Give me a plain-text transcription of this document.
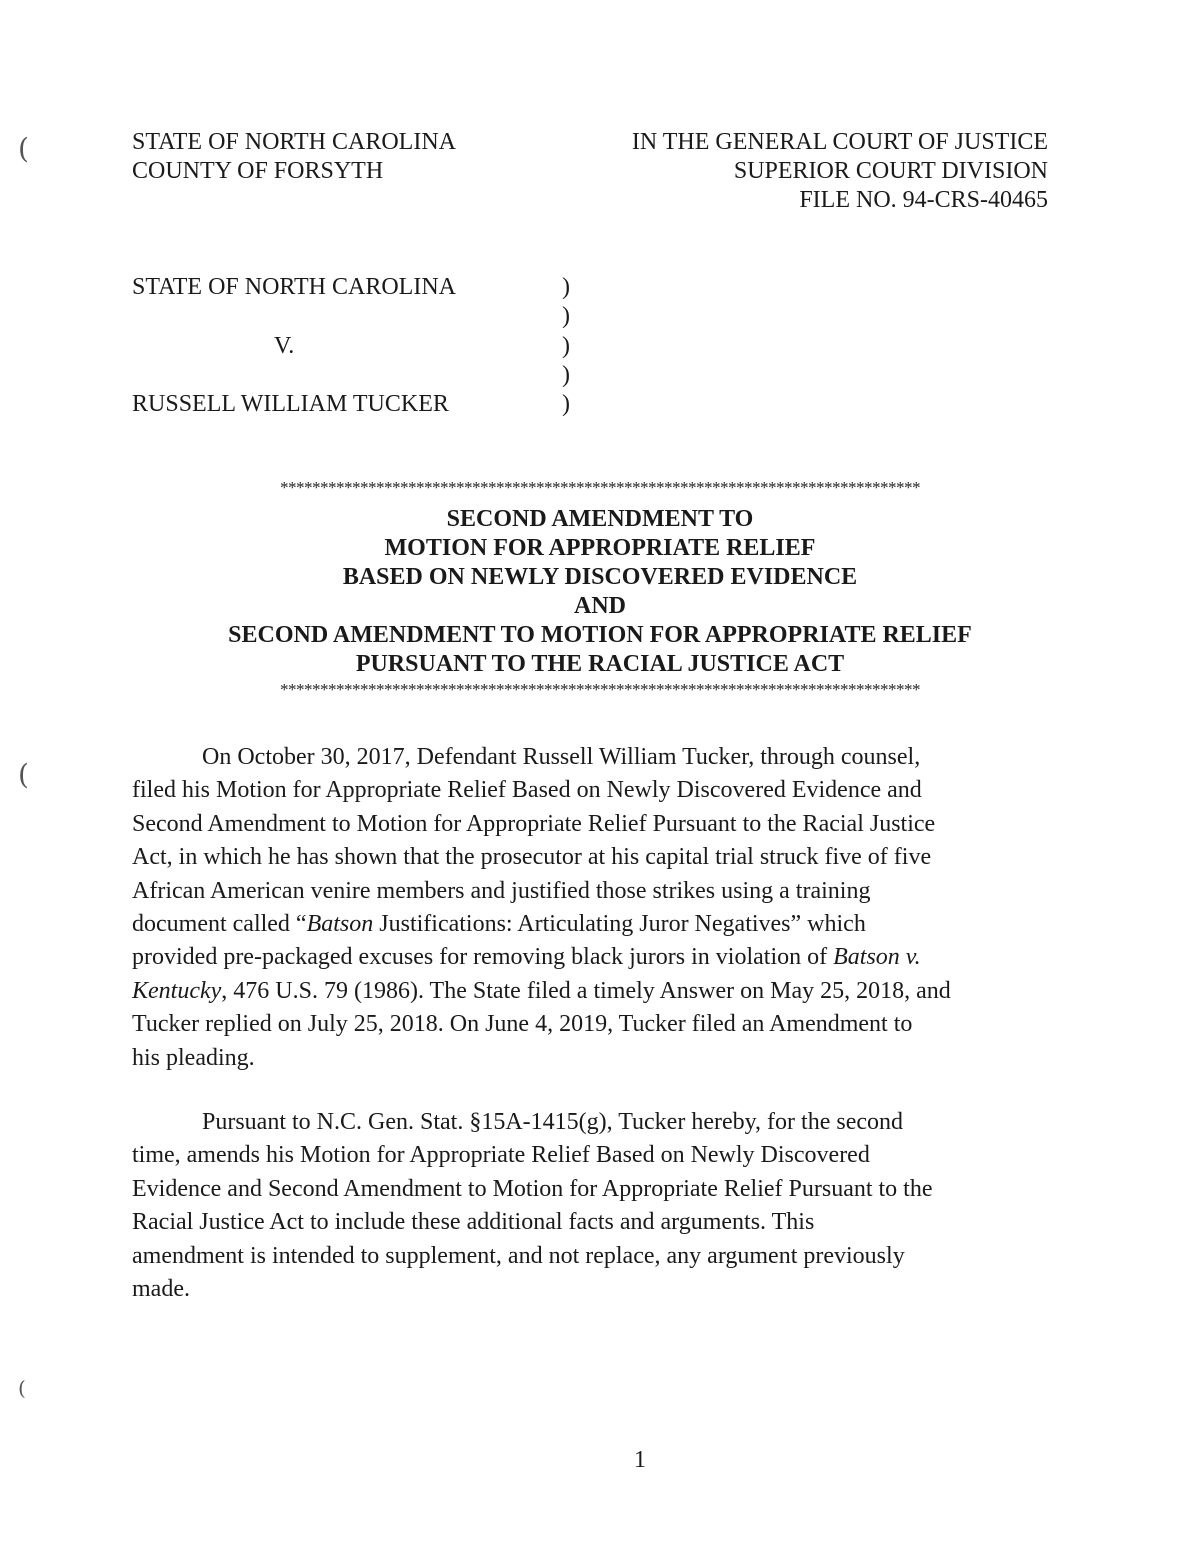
(
(
(
STATE OF NORTH CAROLINA
COUNTY OF FORSYTH
IN THE GENERAL COURT OF JUSTICE
SUPERIOR COURT DIVISION
FILE NO. 94-CRS-40465
STATE OF NORTH CAROLINA
V.
RUSSELL WILLIAM TUCKER
)
)
)
)
)
********************************************************************************
SECOND AMENDMENT TO
MOTION FOR APPROPRIATE RELIEF
BASED ON NEWLY DISCOVERED EVIDENCE
AND
SECOND AMENDMENT TO MOTION FOR APPROPRIATE RELIEF
PURSUANT TO THE RACIAL JUSTICE ACT
********************************************************************************
On October 30, 2017, Defendant Russell William Tucker, through counsel,
filed his Motion for Appropriate Relief Based on Newly Discovered Evidence and
Second Amendment to Motion for Appropriate Relief Pursuant to the Racial Justice
Act, in which he has shown that the prosecutor at his capital trial struck five of five
African American venire members and justified those strikes using a training
document called “Batson Justifications: Articulating Juror Negatives” which
provided pre-packaged excuses for removing black jurors in violation of Batson v.
Kentucky, 476 U.S. 79 (1986). The State filed a timely Answer on May 25, 2018, and
Tucker replied on July 25, 2018. On June 4, 2019, Tucker filed an Amendment to
his pleading.
Pursuant to N.C. Gen. Stat. §15A-1415(g), Tucker hereby, for the second
time, amends his Motion for Appropriate Relief Based on Newly Discovered
Evidence and Second Amendment to Motion for Appropriate Relief Pursuant to the
Racial Justice Act to include these additional facts and arguments. This
amendment is intended to supplement, and not replace, any argument previously
made.
1
